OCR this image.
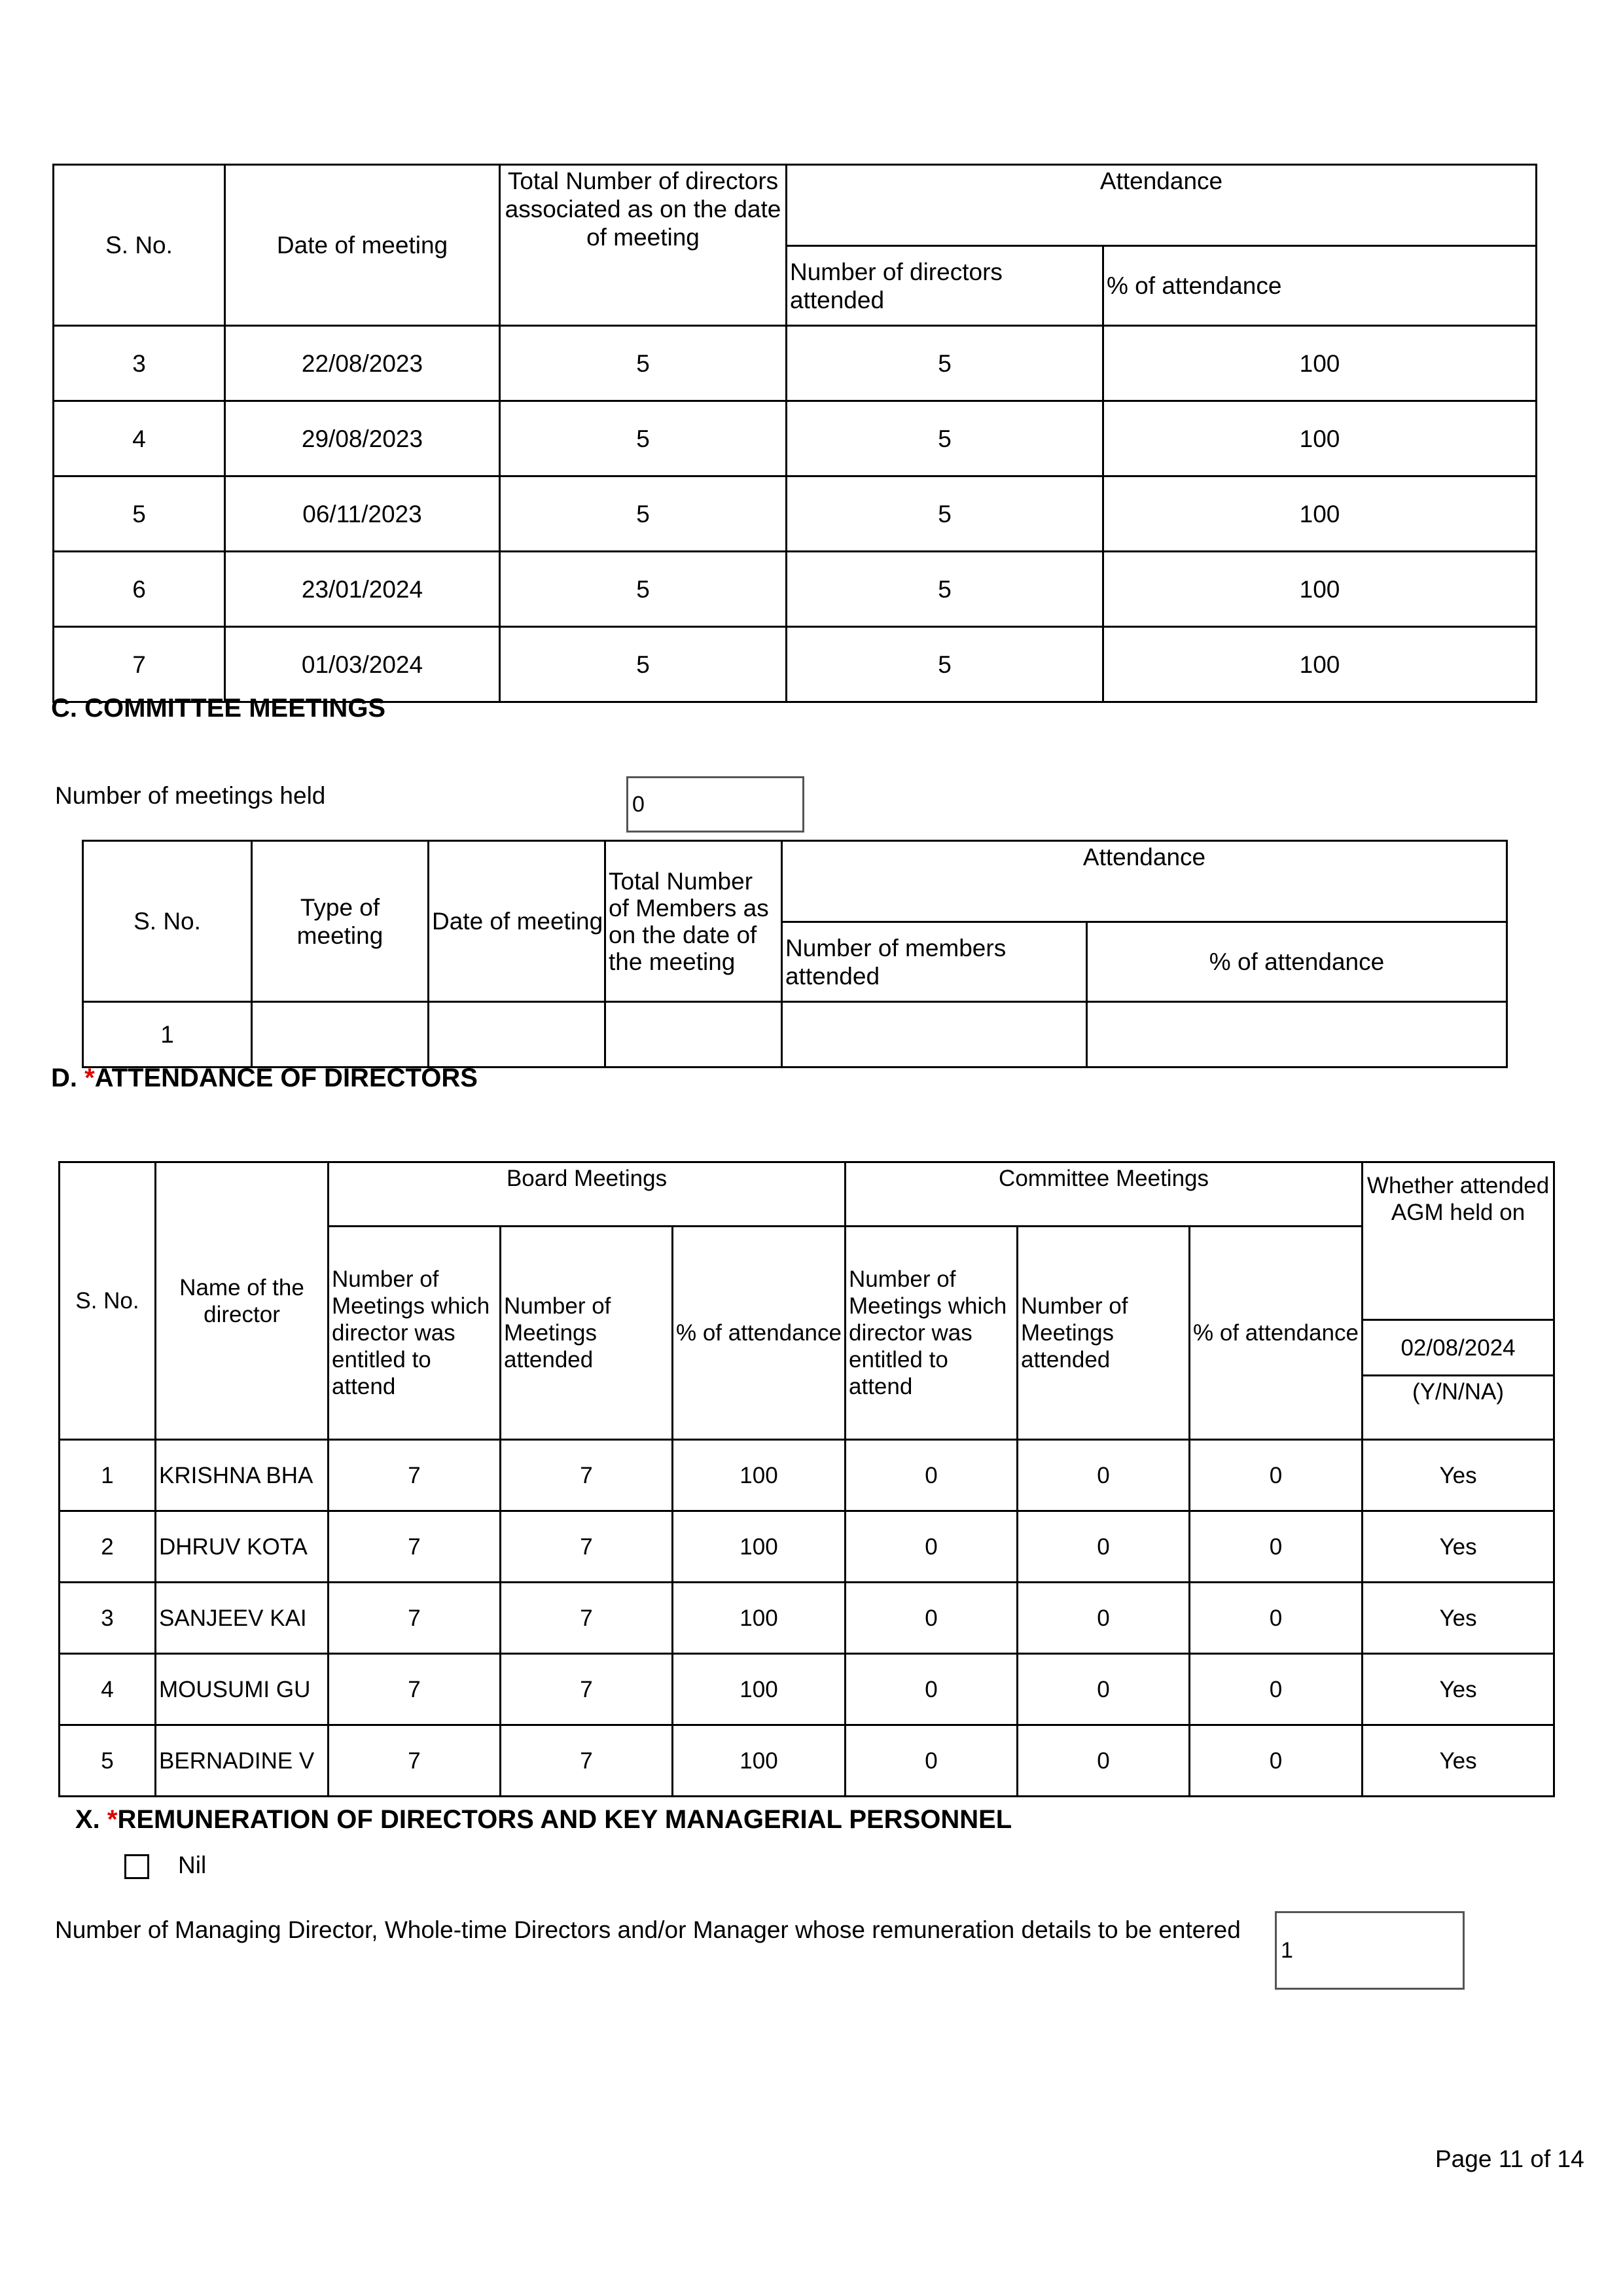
S. No.	Date of meeting	Total Number of directors associated as on the date of meeting	Attendance	
			Number of directors attended	% of attendance
3	22/08/2023	5	5	100
4	29/08/2023	5	5	100
5	06/11/2023	5	5	100
6	23/01/2024	5	5	100
7	01/03/2024	5	5	100
C. COMMITTEE MEETINGS
Number of meetings held	0
S. No.	Type of meeting	Date of meeting	Total Number of Members as on the date of the meeting	Attendance	
				Number of members attended	% of attendance
1					
D. *ATTENDANCE OF DIRECTORS
S. No.	Name of the director	Board Meetings			Committee Meetings			Whether attended AGM held on
		Number of Meetings which director was entitled to attend	Number of Meetings attended	% of attendance	Number of Meetings which director was entitled to attend	Number of Meetings attended	% of attendance	
								02/08/2024
								(Y/N/NA)
1	KRISHNA BHA	7	7	100	0	0	0	Yes
2	DHRUV KOTA	7	7	100	0	0	0	Yes
3	SANJEEV KAI	7	7	100	0	0	0	Yes
4	MOUSUMI GU	7	7	100	0	0	0	Yes
5	BERNADINE V	7	7	100	0	0	0	Yes
X. *REMUNERATION OF DIRECTORS AND KEY MANAGERIAL PERSONNEL
Nil
Number of Managing Director, Whole-time Directors and/or Manager whose remuneration details to be entered
1
Page 11 of 14
